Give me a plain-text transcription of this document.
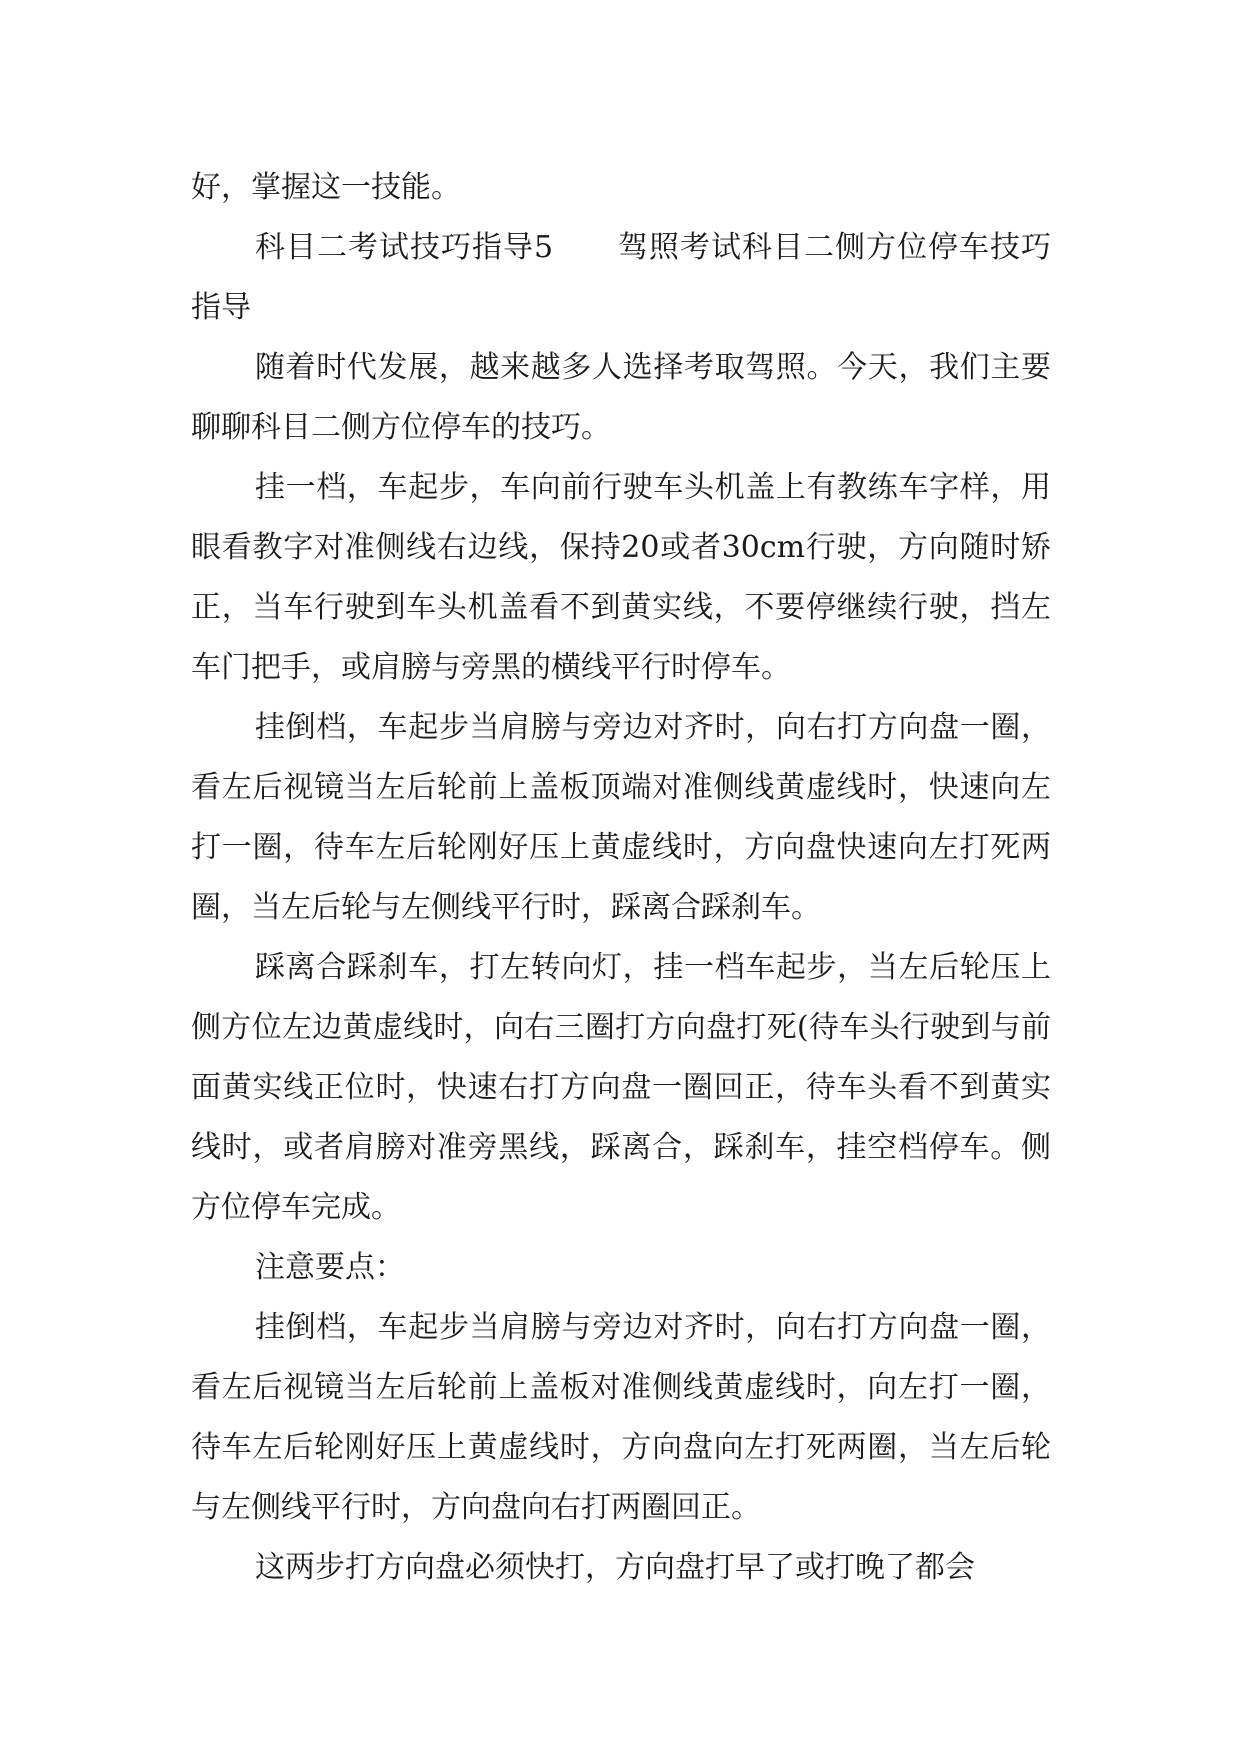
好，掌握这一技能。

科目二考试技巧指导5 驾照考试科目二侧方位停车技巧指导

随着时代发展，越来越多人选择考取驾照。今天，我们主要聊聊科目二侧方位停车的技巧。

挂一档，车起步，车向前行驶车头机盖上有教练车字样，用眼看教字对准侧线右边线，保持20或者30cm行驶，方向随时矫正，当车行驶到车头机盖看不到黄实线，不要停继续行驶，挡左车门把手，或肩膀与旁黑的横线平行时停车。

挂倒档，车起步当肩膀与旁边对齐时，向右打方向盘一圈，看左后视镜当左后轮前上盖板顶端对准侧线黄虚线时，快速向左打一圈，待车左后轮刚好压上黄虚线时，方向盘快速向左打死两圈，当左后轮与左侧线平行时，踩离合踩刹车。

踩离合踩刹车，打左转向灯，挂一档车起步，当左后轮压上侧方位左边黄虚线时，向右三圈打方向盘打死(待车头行驶到与前面黄实线正位时，快速右打方向盘一圈回正，待车头看不到黄实线时，或者肩膀对准旁黑线，踩离合，踩刹车，挂空档停车。侧方位停车完成。

注意要点：

挂倒档，车起步当肩膀与旁边对齐时，向右打方向盘一圈，看左后视镜当左后轮前上盖板对准侧线黄虚线时，向左打一圈，待车左后轮刚好压上黄虚线时，方向盘向左打死两圈，当左后轮与左侧线平行时，方向盘向右打两圈回正。

这两步打方向盘必须快打，方向盘打早了或打晚了都会
